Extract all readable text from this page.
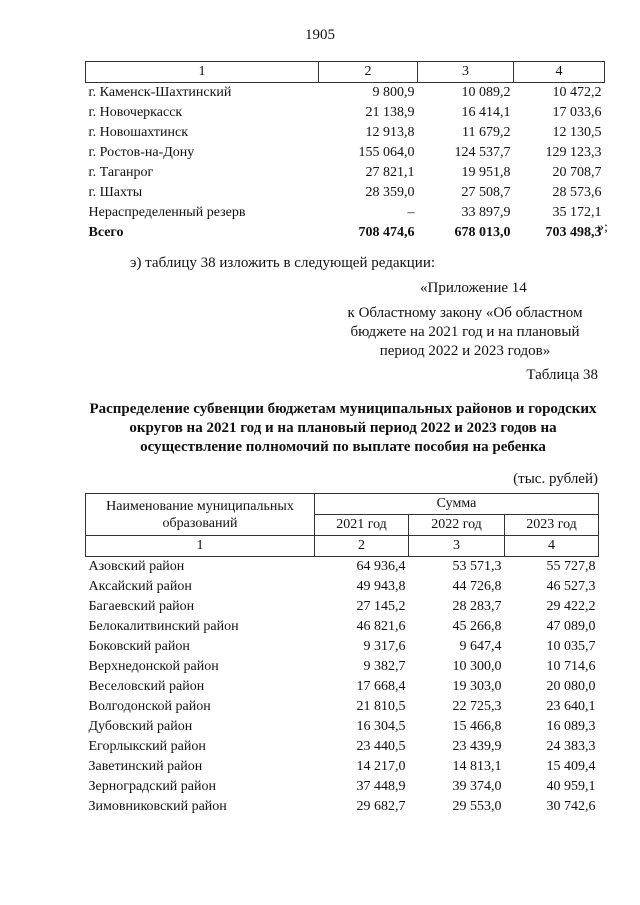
1905
1	2	3	4
г. Каменск-Шахтинский	9 800,9	10 089,2	10 472,2
г. Новочеркасск	21 138,9	16 414,1	17 033,6
г. Новошахтинск	12 913,8	11 679,2	12 130,5
г. Ростов-на-Дону	155 064,0	124 537,7	129 123,3
г. Таганрог	27 821,1	19 951,8	20 708,7
г. Шахты	28 359,0	27 508,7	28 573,6
Нераспределенный резерв	–	33 897,9	35 172,1
Всего	708 474,6	678 013,0	703 498,3
»;
э) таблицу 38 изложить в следующей редакции:
«Приложение 14
к Областному закону «Об областном бюджете на 2021 год и на плановый период 2022 и 2023 годов»
Таблица 38
Распределение субвенции бюджетам муниципальных районов и городских округов на 2021 год и на плановый период 2022 и 2023 годов на осуществление полномочий по выплате пособия на ребенка
(тыс. рублей)
Наименование муниципальных образований	Сумма		
	2021 год	2022 год	2023 год
1	2	3	4
Азовский район	64 936,4	53 571,3	55 727,8
Аксайский район	49 943,8	44 726,8	46 527,3
Багаевский район	27 145,2	28 283,7	29 422,2
Белокалитвинский район	46 821,6	45 266,8	47 089,0
Боковский район	9 317,6	9 647,4	10 035,7
Верхнедонской район	9 382,7	10 300,0	10 714,6
Веселовский район	17 668,4	19 303,0	20 080,0
Волгодонской район	21 810,5	22 725,3	23 640,1
Дубовский район	16 304,5	15 466,8	16 089,3
Егорлыкский район	23 440,5	23 439,9	24 383,3
Заветинский район	14 217,0	14 813,1	15 409,4
Зерноградский район	37 448,9	39 374,0	40 959,1
Зимовниковский район	29 682,7	29 553,0	30 742,6
